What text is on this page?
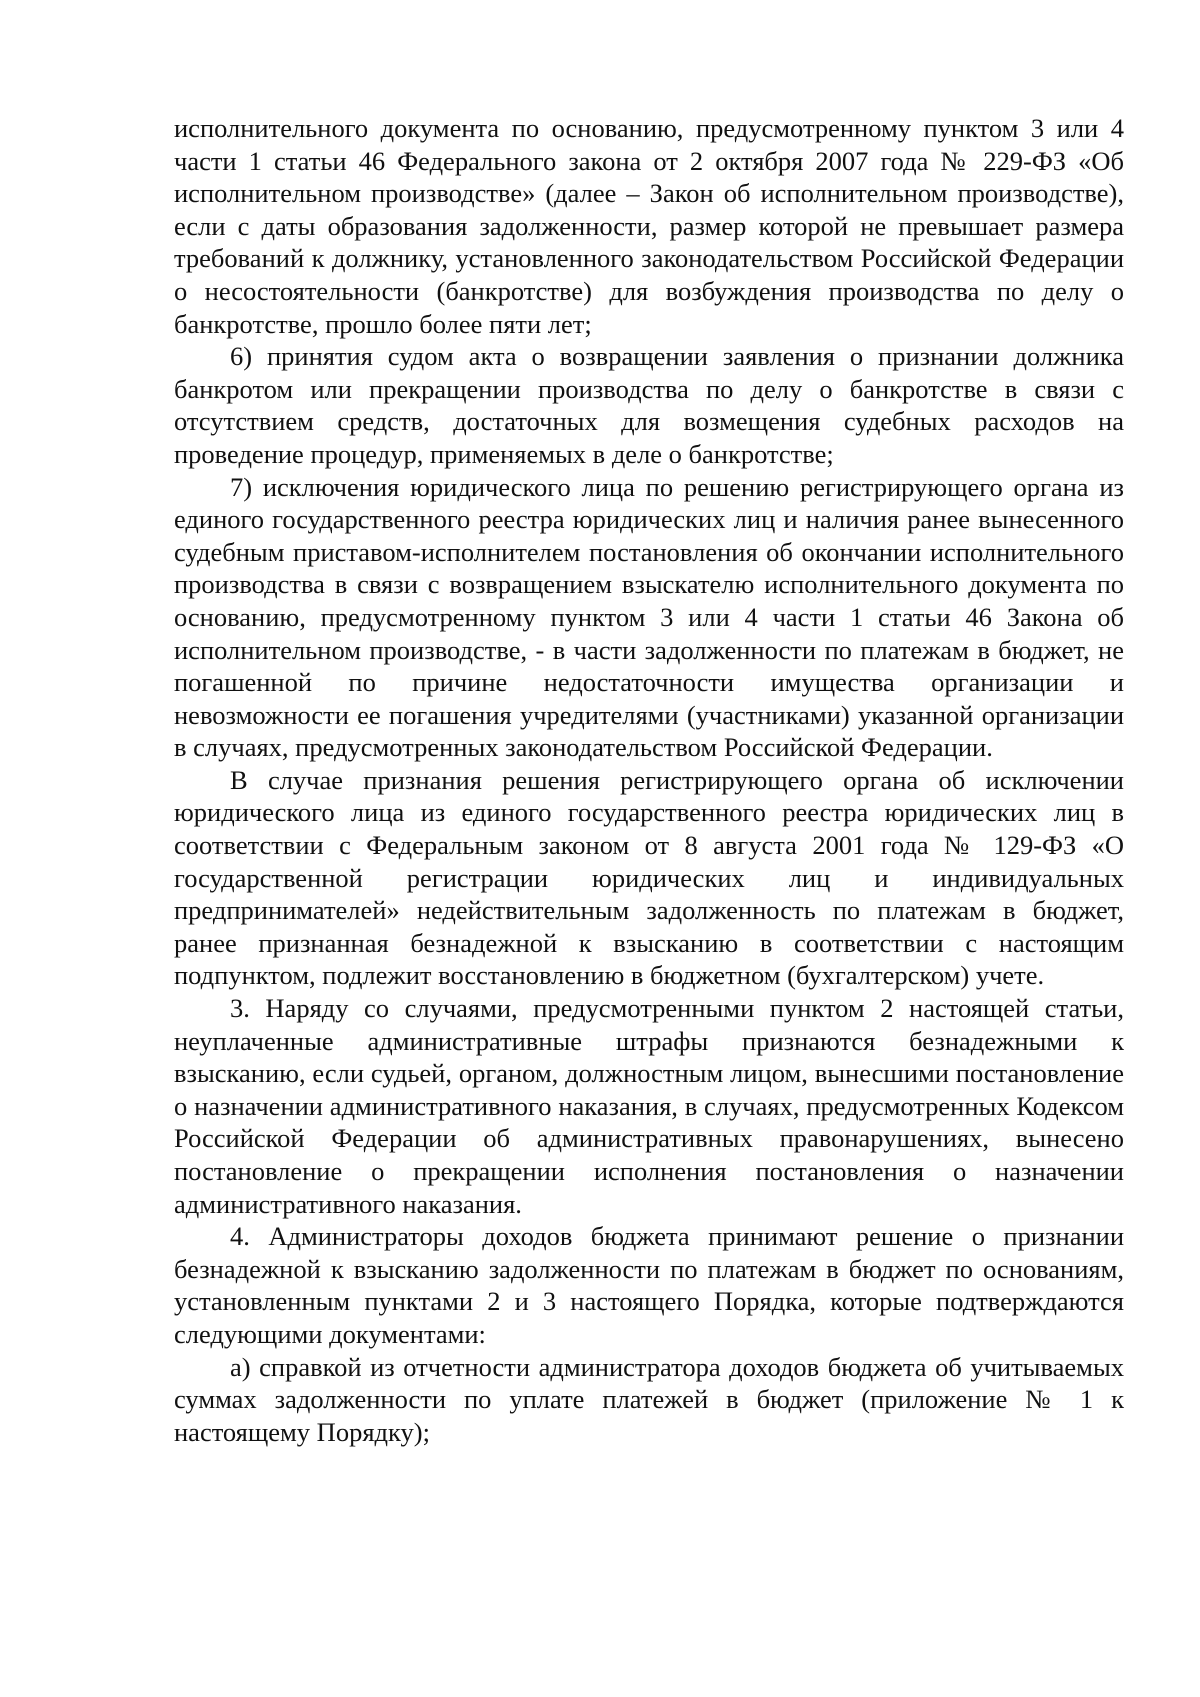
исполнительного документа по основанию, предусмотренному пунктом 3 или 4 части 1 статьи 46 Федерального закона от 2 октября 2007 года № 229-ФЗ «Об исполнительном производстве» (далее – Закон об исполнительном производстве), если с даты образования задолженности, размер которой не превышает размера требований к должнику, установленного законодательством Российской Федерации о несостоятельности (банкротстве) для возбуждения производства по делу о банкротстве, прошло более пяти лет;

6) принятия судом акта о возвращении заявления о признании должника банкротом или прекращении производства по делу о банкротстве в связи с отсутствием средств, достаточных для возмещения судебных расходов на проведение процедур, применяемых в деле о банкротстве;

7) исключения юридического лица по решению регистрирующего органа из единого государственного реестра юридических лиц и наличия ранее вынесенного судебным приставом-исполнителем постановления об окончании исполнительного производства в связи с возвращением взыскателю исполнительного документа по основанию, предусмотренному пунктом 3 или 4 части 1 статьи 46 Закона об исполнительном производстве, - в части задолженности по платежам в бюджет, не погашенной по причине недостаточности имущества организации и невозможности ее погашения учредителями (участниками) указанной организации в случаях, предусмотренных законодательством Российской Федерации.

В случае признания решения регистрирующего органа об исключении юридического лица из единого государственного реестра юридических лиц в соответствии с Федеральным законом от 8 августа 2001 года № 129-ФЗ «О государственной регистрации юридических лиц и индивидуальных предпринимателей» недействительным задолженность по платежам в бюджет, ранее признанная безнадежной к взысканию в соответствии с настоящим подпунктом, подлежит восстановлению в бюджетном (бухгалтерском) учете.

3. Наряду со случаями, предусмотренными пунктом 2 настоящей статьи, неуплаченные административные штрафы признаются безнадежными к взысканию, если судьей, органом, должностным лицом, вынесшими постановление о назначении административного наказания, в случаях, предусмотренных Кодексом Российской Федерации об административных правонарушениях, вынесено постановление о прекращении исполнения постановления о назначении административного наказания.

4. Администраторы доходов бюджета принимают решение о признании безнадежной к взысканию задолженности по платежам в бюджет по основаниям, установленным пунктами 2 и 3 настоящего Порядка, которые подтверждаются следующими документами:

а) справкой из отчетности администратора доходов бюджета об учитываемых суммах задолженности по уплате платежей в бюджет (приложение № 1 к настоящему Порядку);
